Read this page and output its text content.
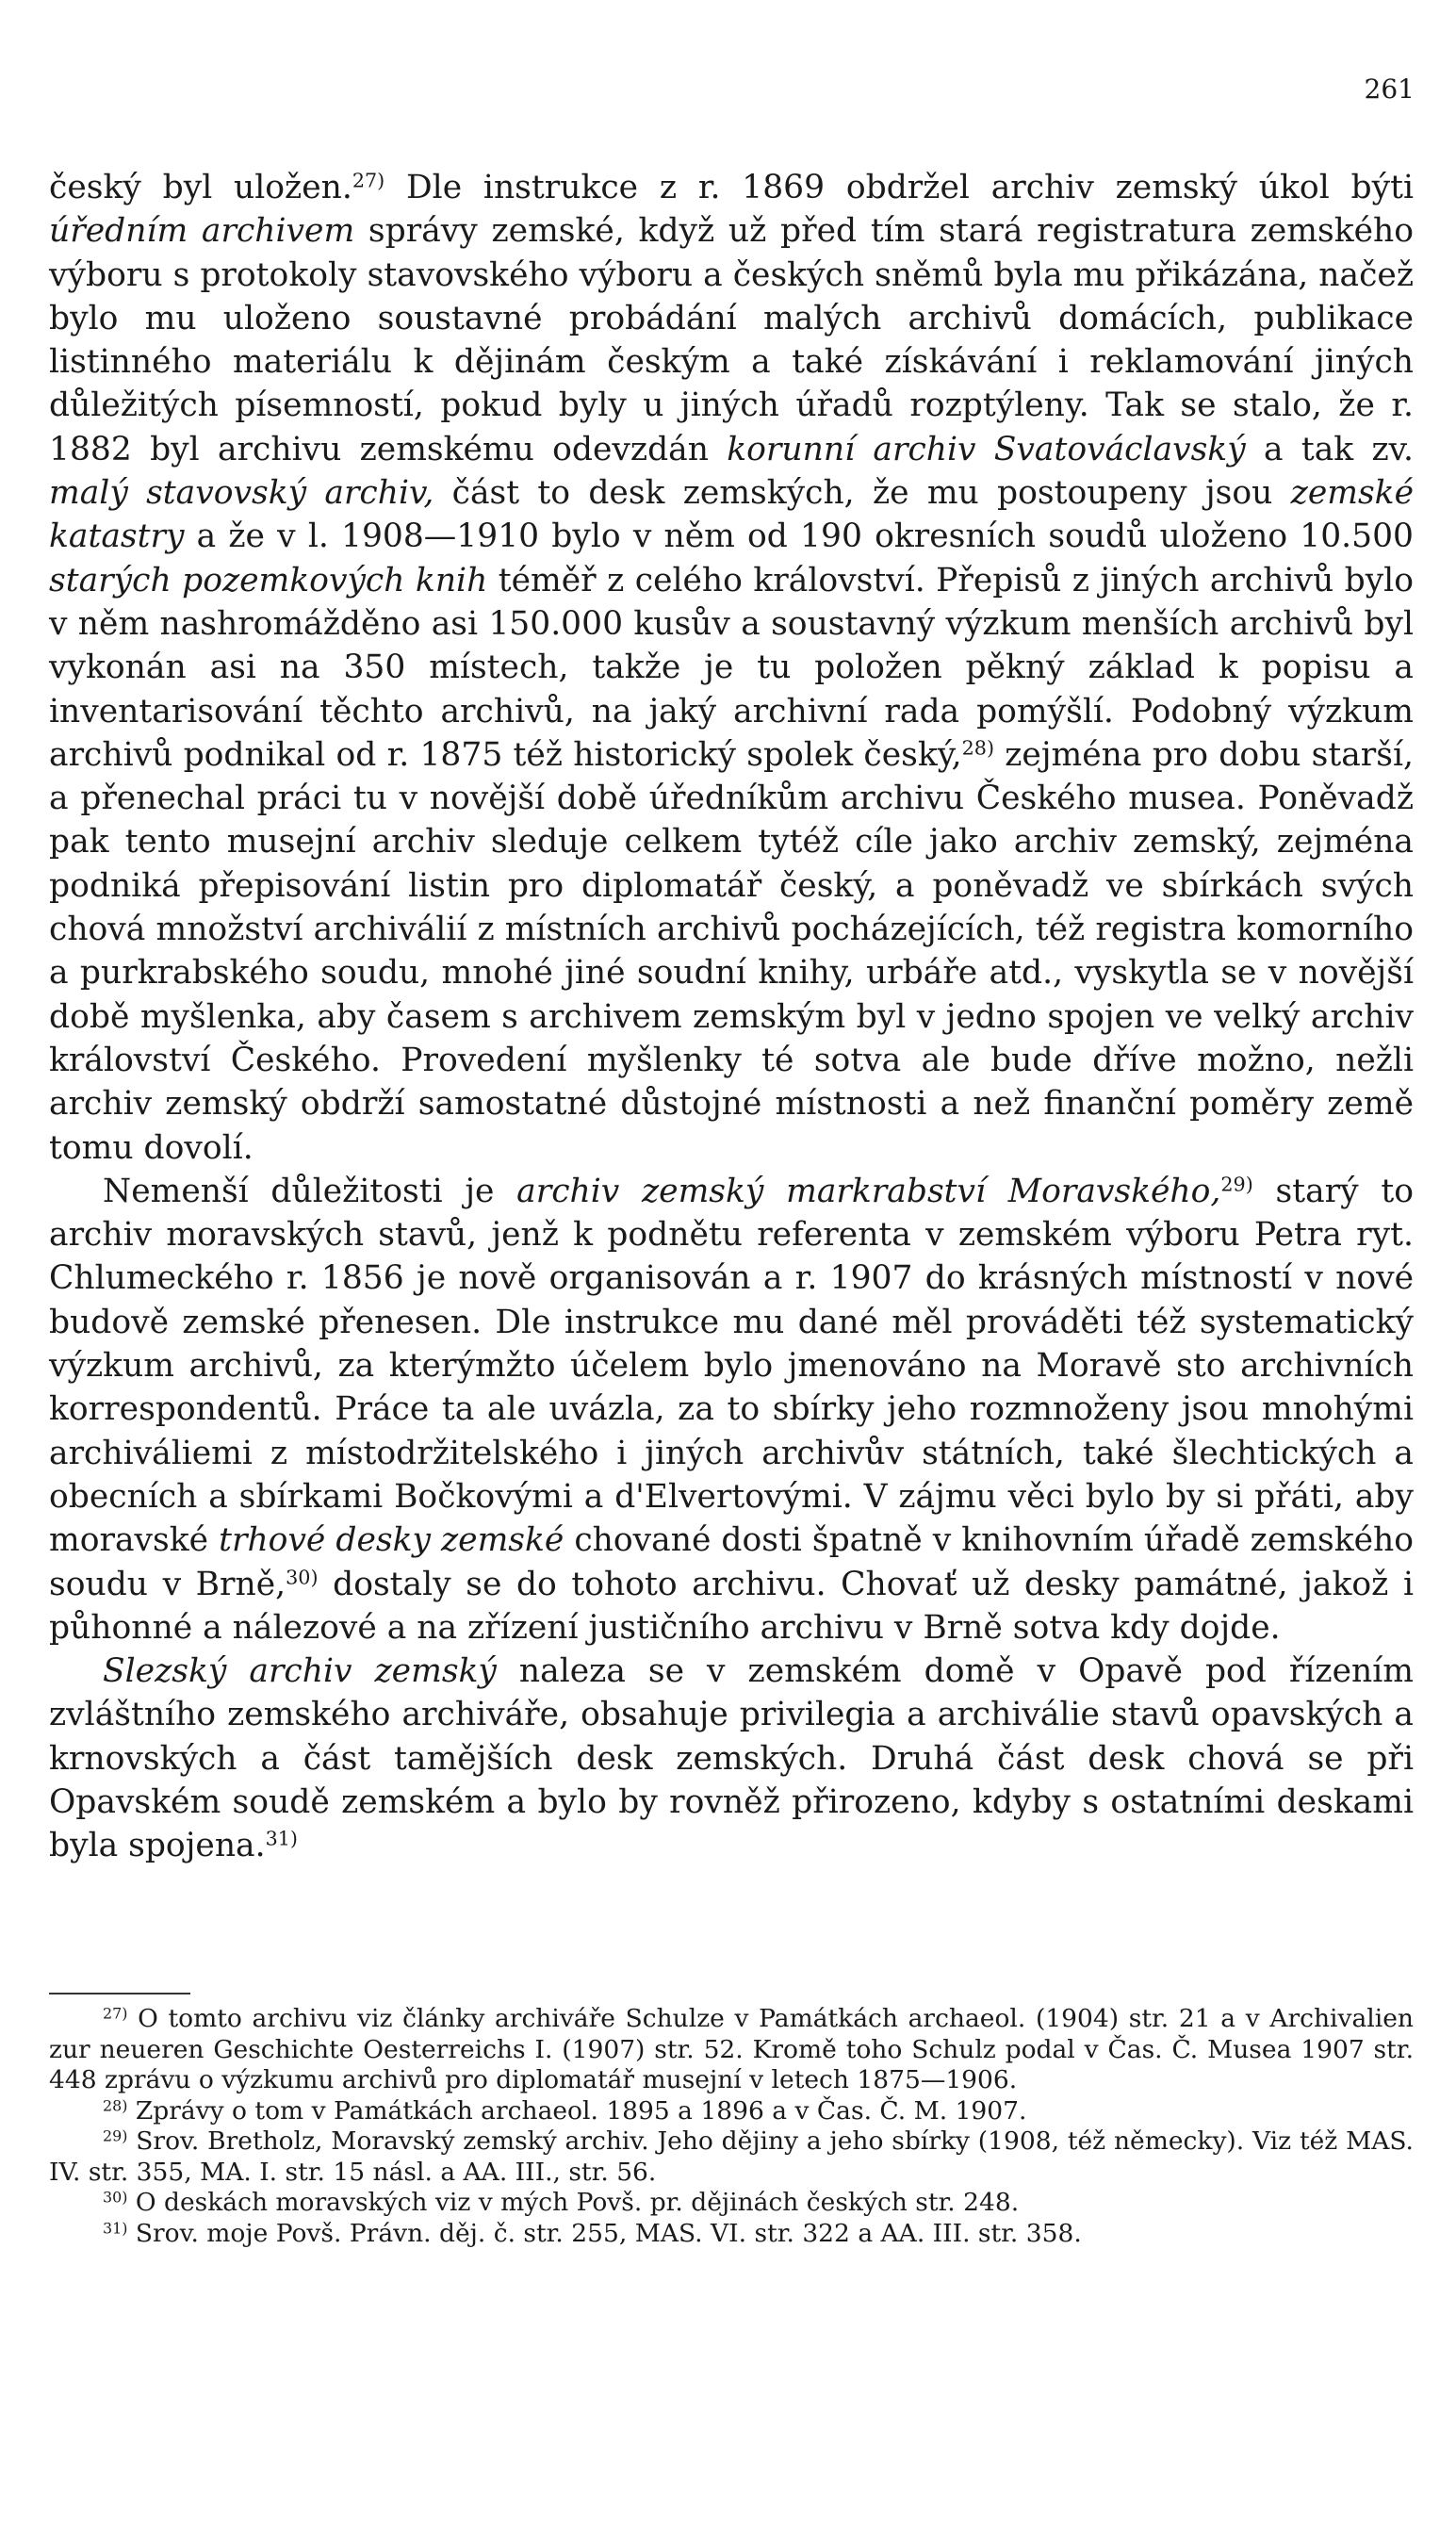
261

český byl uložen.$^{27)}$ Dle instrukce z r. 1869 obdržel archiv zemský úkol býti úředním archivem správy zemské, když už před tím stará registratura zemského výboru s protokoly stavovského výboru a českých sněmů byla mu přikázána, načež bylo mu uloženo soustavné probádání malých archivů domácích, publikace listinného materiálu k dějinám českým a také získávání i reklamování jiných důležitých písemností, pokud byly u jiných úřadů rozptýleny. Tak se stalo, že r. 1882 byl archivu zemskému odevzdán korunní archiv Svatováclavský a tak zv. malý stavovský archiv, část to desk zemských, že mu postoupeny jsou zemské katastry a že v l. 1908—1910 bylo v něm od 190 okresních soudů uloženo 10.500 starých pozemkových knih téměř z celého království. Přepisů z jiných archivů bylo v něm nashromážděno asi 150.000 kusův a soustavný výzkum menších archivů byl vykonán asi na 350 místech, takže je tu položen pěkný základ k popisu a inventarisování těchto archivů, na jaký archivní rada pomýšlí. Podobný výzkum archivů podnikal od r. 1875 též historický spolek český,$^{28)}$ zejména pro dobu starší, a přenechal práci tu v novější době úředníkům archivu Českého musea. Poněvadž pak tento musejní archiv sleduje celkem tytéž cíle jako archiv zemský, zejména podniká přepisování listin pro diplomatář český, a poněvadž ve sbírkách svých chová množství archiválií z místních archivů pocházejících, též registra komorního a purkrabského soudu, mnohé jiné soudní knihy, urbáře atd., vyskytla se v novější době myšlenka, aby časem s archivem zemským byl v jedno spojen ve velký archiv království Českého. Provedení myšlenky té sotva ale bude dříve možno, nežli archiv zemský obdrží samostatné důstojné místnosti a než finanční poměry země tomu dovolí.

Nemenší důležitosti je archiv zemský markrabství Moravského,$^{29)}$ starý to archiv moravských stavů, jenž k podnětu referenta v zemském výboru Petra ryt. Chlumeckého r. 1856 je nově organisován a r. 1907 do krásných místností v nové budově zemské přenesen. Dle instrukce mu dané měl prováděti též systematický výzkum archivů, za kterýmžto účelem bylo jmenováno na Moravě sto archivních korrespondentů. Práce ta ale uvázla, za to sbírky jeho rozmnoženy jsou mnohými archiváliemi z místodržitelského i jiných archivův státních, také šlechtických a obecních a sbírkami Bočkovými a d'Elvertovými. V zájmu věci bylo by si přáti, aby moravské trhové desky zemské chované dosti špatně v knihovním úřadě zemského soudu v Brně,$^{30)}$ dostaly se do tohoto archivu. Chovať už desky památné, jakož i půhonné a nálezové a na zřízení justičního archivu v Brně sotva kdy dojde.

Slezský archiv zemský naleza se v zemském domě v Opavě pod řízením zvláštního zemského archiváře, obsahuje privilegia a archiválie stavů opavských a krnovských a část tamějších desk zemských. Druhá část desk chová se při Opavském soudě zemském a bylo by rovněž přirozeno, kdyby s ostatními deskami byla spojena.$^{31)}$

$^{27)}$ O tomto archivu viz články archiváře Schulze v Památkách archaeol. (1904) str. 21 a v Archivalien zur neueren Geschichte Oesterreichs I. (1907) str. 52. Kromě toho Schulz podal v Čas. Č. Musea 1907 str. 448 zprávu o výzkumu archivů pro diplomatář musejní v letech 1875—1906.

$^{28)}$ Zprávy o tom v Památkách archaeol. 1895 a 1896 a v Čas. Č. M. 1907.

$^{29)}$ Srov. Bretholz, Moravský zemský archiv. Jeho dějiny a jeho sbírky (1908, též německy). Viz též MAS. IV. str. 355, MA. I. str. 15 násl. a AA. III., str. 56.

$^{30)}$ O deskách moravských viz v mých Povš. pr. dějinách českých str. 248.

$^{31)}$ Srov. moje Povš. Právn. děj. č. str. 255, MAS. VI. str. 322 a AA. III. str. 358.
